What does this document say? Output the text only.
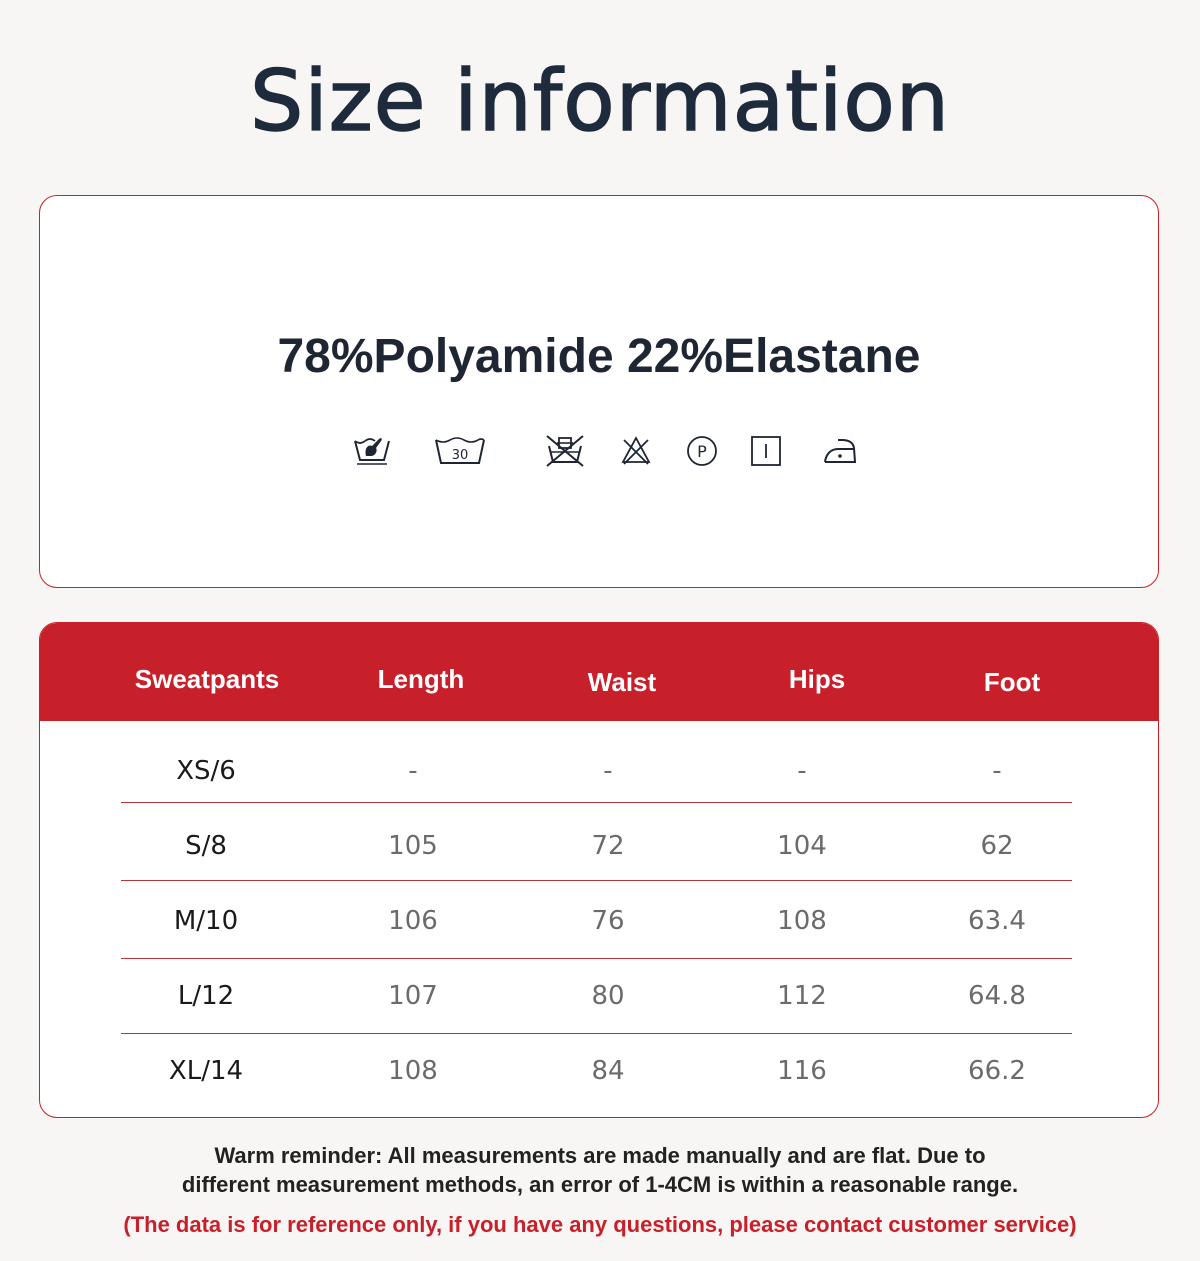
Size information
78%Polyamide 22%Elastane
30	P
Sweatpants	Length	Waist	Hips	Foot
XS/6	-	-	-	-
S/8	105	72	104	62
M/10	106	76	108	63.4
L/12	107	80	112	64.8
XL/14	108	84	116	66.2
Warm reminder: All measurements are made manually and are flat. Due to
different measurement methods, an error of 1-4CM is within a reasonable range.
(The data is for reference only, if you have any questions, please contact customer service)
